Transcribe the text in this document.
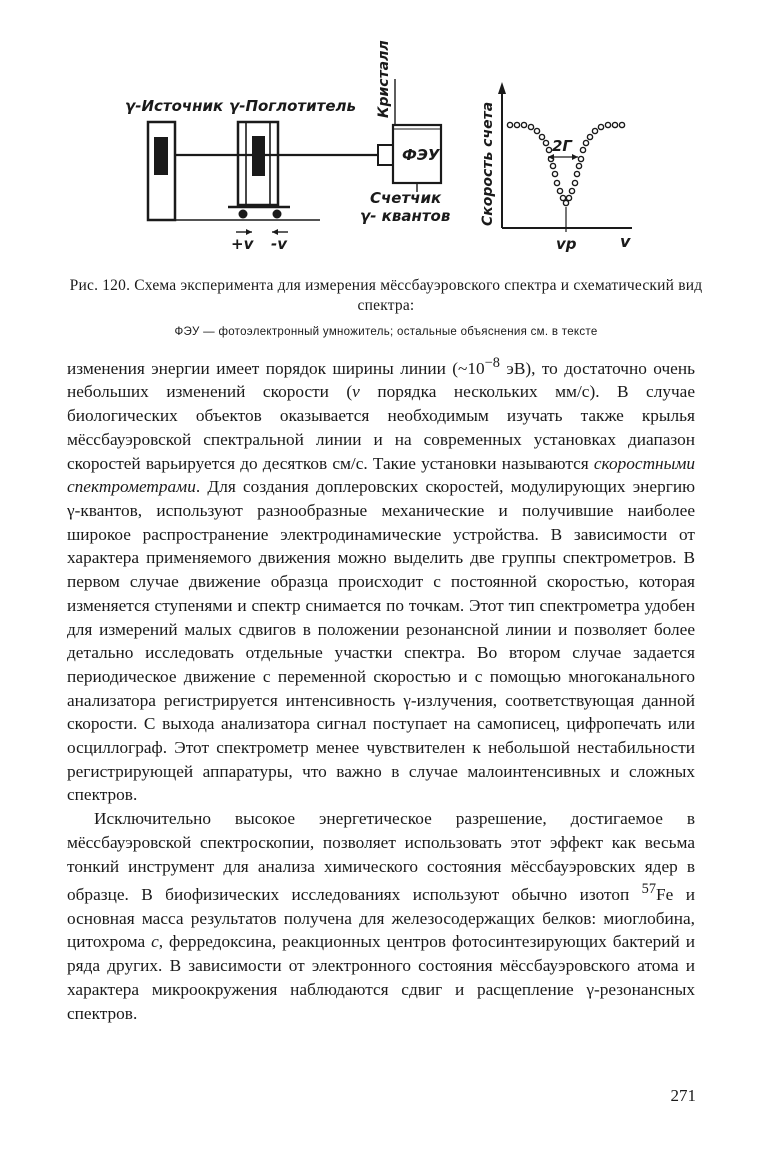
γ-Источник γ-Поглотитель Кристалл
ФЭУ
Счетчик
γ- квантов
+v -v
Скорость счета	2Г
vр	v
Рис. 120. Схема эксперимента для измерения мёссбауэровского спектра и схематический вид спектра:
ФЭУ — фотоэлектронный умножитель; остальные объяснения см. в тексте

изменения энергии имеет порядок ширины линии ($\sim 10^{-8}$ эВ), то достаточно очень небольших изменений скорости (v порядка нескольких мм/с). В случае биологических объектов оказывается необходимым изучать также крылья мёссбауэровской спектральной линии и на современных установках диапазон скоростей варьируется до десятков см/с. Такие установки называются скоростными спектрометрами. Для создания доплеровских скоростей, модулирующих энергию γ-квантов, используют разнообразные механические и получившие наиболее широкое распространение электродинамические устройства. В зависимости от характера применяемого движения можно выделить две группы спектрометров. В первом случае движение образца происходит с постоянной скоростью, которая изменяется ступенями и спектр снимается по точкам. Этот тип спектрометра удобен для измерений малых сдвигов в положении резонансной линии и позволяет более детально исследовать отдельные участки спектра. Во втором случае задается периодическое движение с переменной скоростью и с помощью многоканального анализатора регистрируется интенсивность γ-излучения, соответствующая данной скорости. С выхода анализатора сигнал поступает на самописец, цифропечать или осциллограф. Этот спектрометр менее чувствителен к небольшой нестабильности регистрирующей аппаратуры, что важно в случае малоинтенсивных и сложных спектров.

Исключительно высокое энергетическое разрешение, достигаемое в мёссбауэровской спектроскопии, позволяет использовать этот эффект как весьма тонкий инструмент для анализа химического состояния мёссбауэровских ядер в образце. В биофизических исследованиях используют обычно изотоп $^{57}$Fe и основная масса результатов получена для железосодержащих белков: миоглобина, цитохрома c, ферредоксина, реакционных центров фотосинтезирующих бактерий и ряда других. В зависимости от электронного состояния мёссбауэровского атома и характера микроокружения наблюдаются сдвиг и расщепление γ-резонансных спектров.

271
